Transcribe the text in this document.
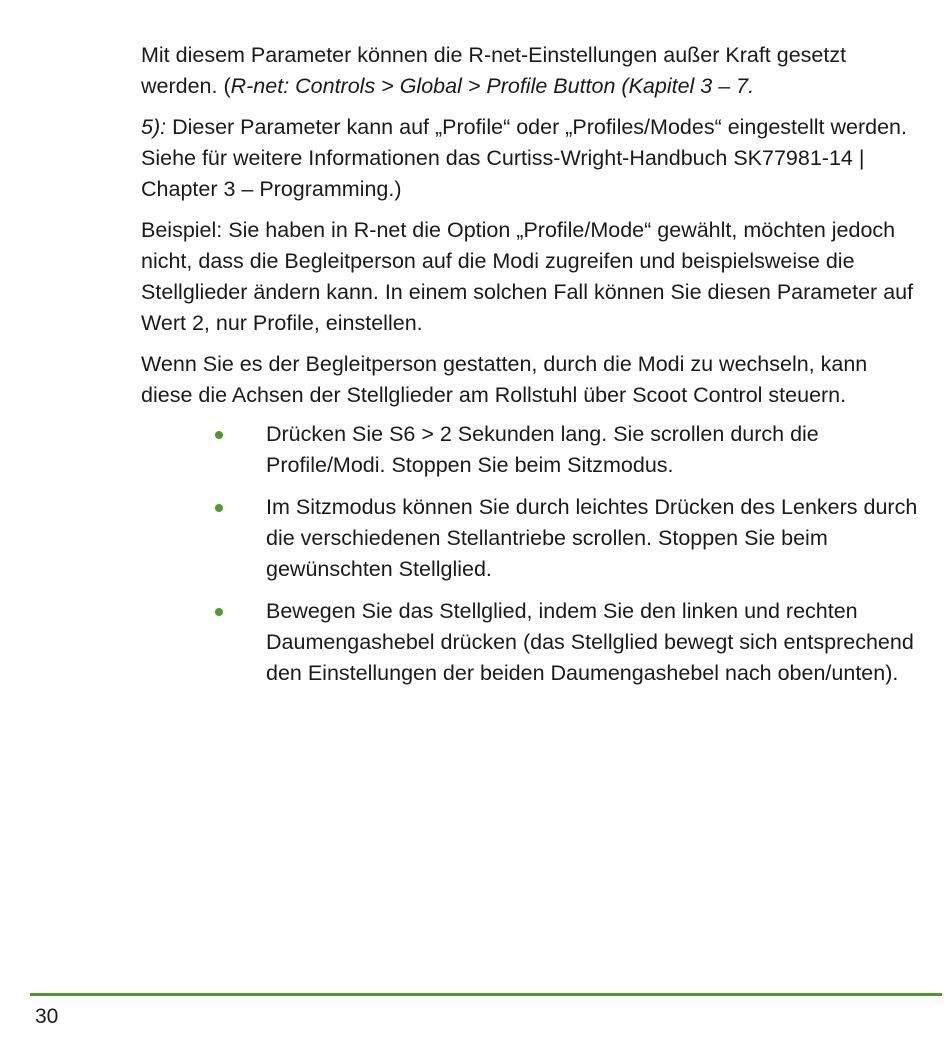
Mit diesem Parameter können die R-net-Einstellungen außer Kraft gesetzt werden. (R-net: Controls > Global > Profile Button (Kapitel 3 – 7.

5): Dieser Parameter kann auf „Profile“ oder „Profiles/Modes“ eingestellt werden. Siehe für weitere Informationen das Curtiss-Wright-Handbuch SK77981-14 | Chapter 3 – Programming.)

Beispiel: Sie haben in R-net die Option „Profile/Mode“ gewählt, möchten jedoch nicht, dass die Begleitperson auf die Modi zugreifen und beispielsweise die Stellglieder ändern kann. In einem solchen Fall können Sie diesen Parameter auf Wert 2, nur Profile, einstellen.

Wenn Sie es der Begleitperson gestatten, durch die Modi zu wechseln, kann diese die Achsen der Stellglieder am Rollstuhl über Scoot Control steuern.

Drücken Sie S6 > 2 Sekunden lang. Sie scrollen durch die Profile/Modi. Stoppen Sie beim Sitzmodus.
Im Sitzmodus können Sie durch leichtes Drücken des Lenkers durch die verschiedenen Stellantriebe scrollen. Stoppen Sie beim gewünschten Stellglied.
Bewegen Sie das Stellglied, indem Sie den linken und rechten Daumengashebel drücken (das Stellglied bewegt sich entsprechend den Einstellungen der beiden Daumengashebel nach oben/unten).
30
